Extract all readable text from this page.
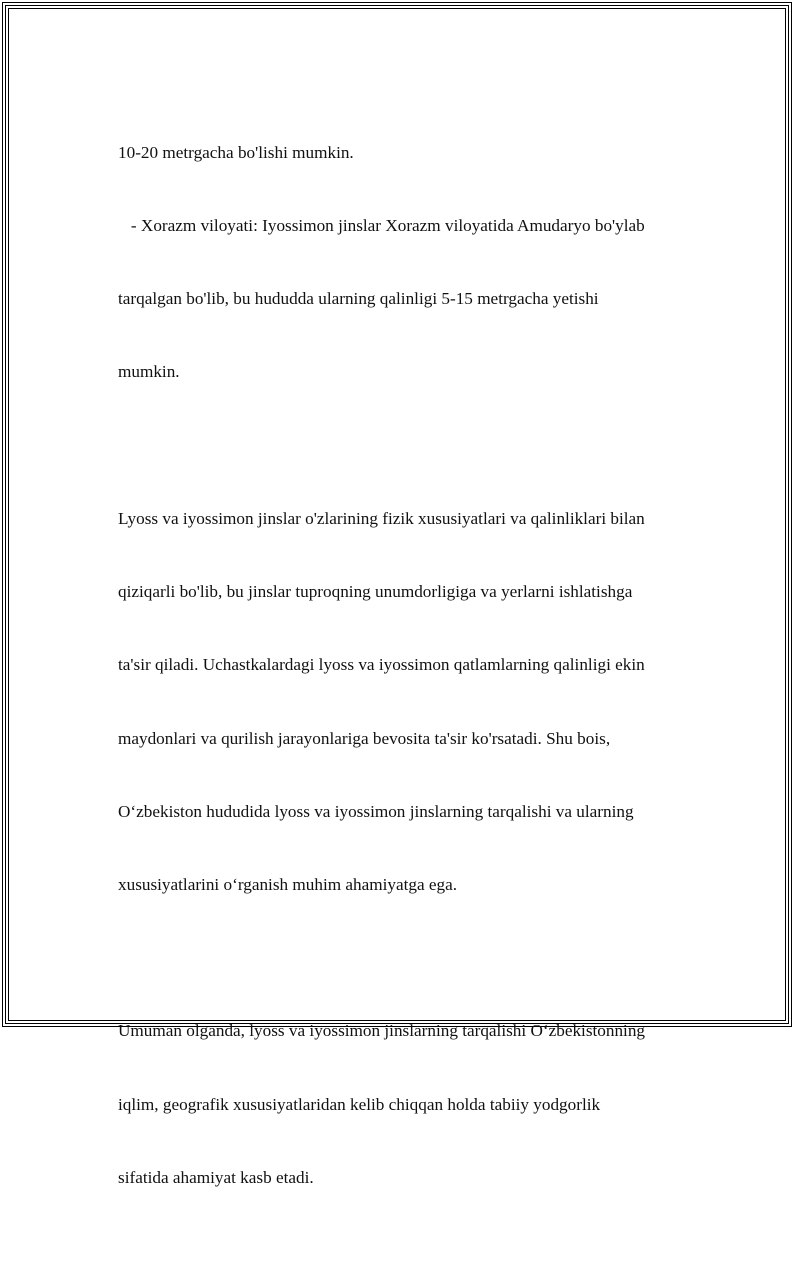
10-20 metrgacha bo'lishi mumkin.

- Xorazm viloyati: Iyossimon jinslar Xorazm viloyatida Amudaryo bo'ylab

tarqalgan bo'lib, bu hududda ularning qalinligi 5-15 metrgacha yetishi

mumkin.

Lyoss va iyossimon jinslar o'zlarining fizik xususiyatlari va qalinliklari bilan

qiziqarli bo'lib, bu jinslar tuproqning unumdorligiga va yerlarni ishlatishga

ta'sir qiladi. Uchastkalardagi lyoss va iyossimon qatlamlarning qalinligi ekin

maydonlari va qurilish jarayonlariga bevosita ta'sir ko'rsatadi. Shu bois,

O‘zbekiston hududida lyoss va iyossimon jinslarning tarqalishi va ularning

xususiyatlarini o‘rganish muhim ahamiyatga ega.

Umuman olganda, lyoss va iyossimon jinslarning tarqalishi O‘zbekistonning

iqlim, geografik xususiyatlaridan kelib chiqqan holda tabiiy yodgorlik

sifatida ahamiyat kasb etadi.
